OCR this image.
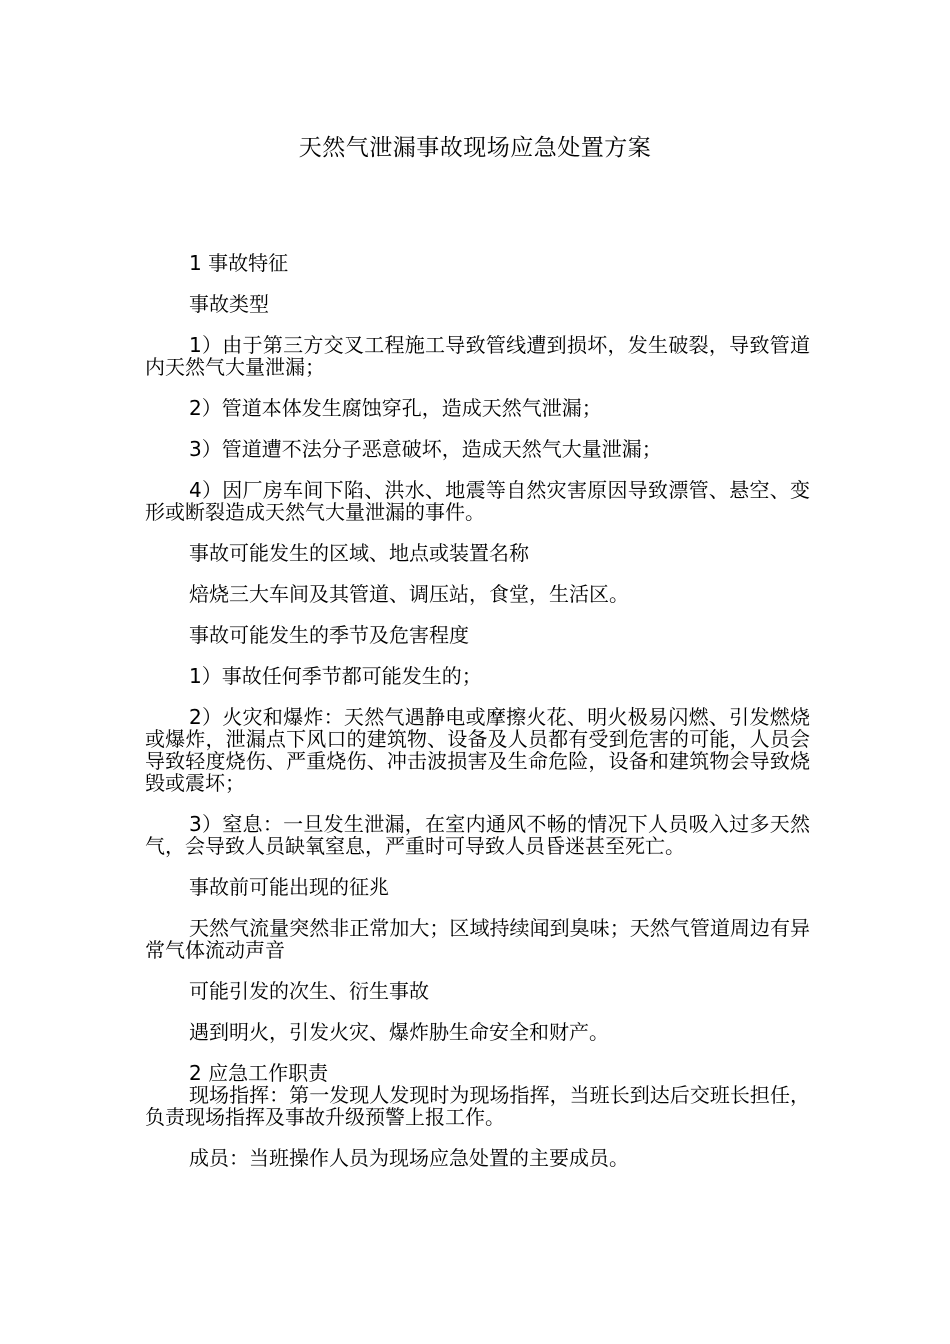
天然气泄漏事故现场应急处置方案

1 事故特征

事故类型

1）由于第三方交叉工程施工导致管线遭到损坏，发生破裂，导致管道内天然气大量泄漏；

2）管道本体发生腐蚀穿孔，造成天然气泄漏；

3）管道遭不法分子恶意破坏，造成天然气大量泄漏；

4）因厂房车间下陷、洪水、地震等自然灾害原因导致漂管、悬空、变形或断裂造成天然气大量泄漏的事件。

事故可能发生的区域、地点或装置名称

焙烧三大车间及其管道、调压站，食堂，生活区。

事故可能发生的季节及危害程度

1）事故任何季节都可能发生的；

2）火灾和爆炸：天然气遇静电或摩擦火花、明火极易闪燃、引发燃烧或爆炸，泄漏点下风口的建筑物、设备及人员都有受到危害的可能，人员会导致轻度烧伤、严重烧伤、冲击波损害及生命危险，设备和建筑物会导致烧毁或震坏；

3）窒息：一旦发生泄漏，在室内通风不畅的情况下人员吸入过多天然气，会导致人员缺氧窒息，严重时可导致人员昏迷甚至死亡。

事故前可能出现的征兆

天然气流量突然非正常加大；区域持续闻到臭味；天然气管道周边有异常气体流动声音

可能引发的次生、衍生事故

遇到明火，引发火灾、爆炸胁生命安全和财产。

2 应急工作职责

现场指挥：第一发现人发现时为现场指挥，当班长到达后交班长担任，负责现场指挥及事故升级预警上报工作。

成员：当班操作人员为现场应急处置的主要成员。
